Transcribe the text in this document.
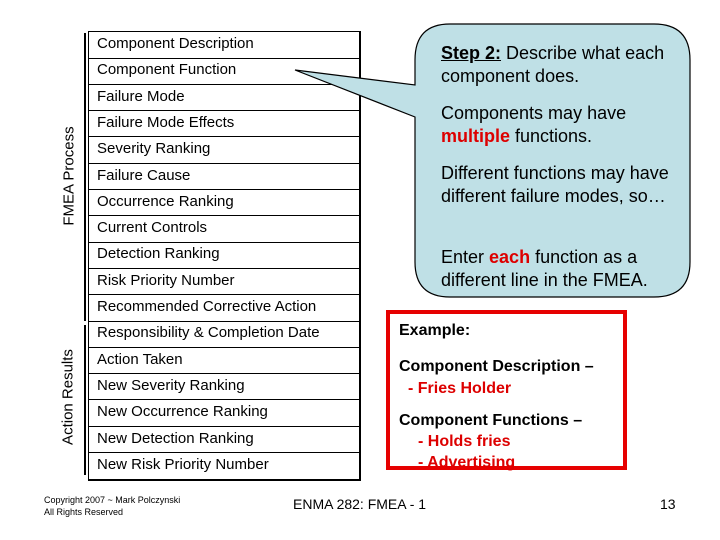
FMEA Process
Action Results
Component Description
Component Function
Failure Mode
Failure Mode Effects
Severity Ranking
Failure Cause
Occurrence Ranking
Current Controls
Detection Ranking
Risk Priority Number
Recommended Corrective Action
Responsibility & Completion Date
Action Taken
New Severity Ranking
New Occurrence Ranking
New Detection Ranking
New Risk Priority Number
Step 2: Describe what each component does.
Components may have multiple functions.
Different functions may have different failure modes, so…
Enter each function as a different line in the FMEA.
Example:
Component Description –
- Fries Holder
Component Functions –
- Holds fries
- Advertising
Copyright 2007 ~ Mark Polczynski
All Rights Reserved	ENMA 282: FMEA - 1	13
